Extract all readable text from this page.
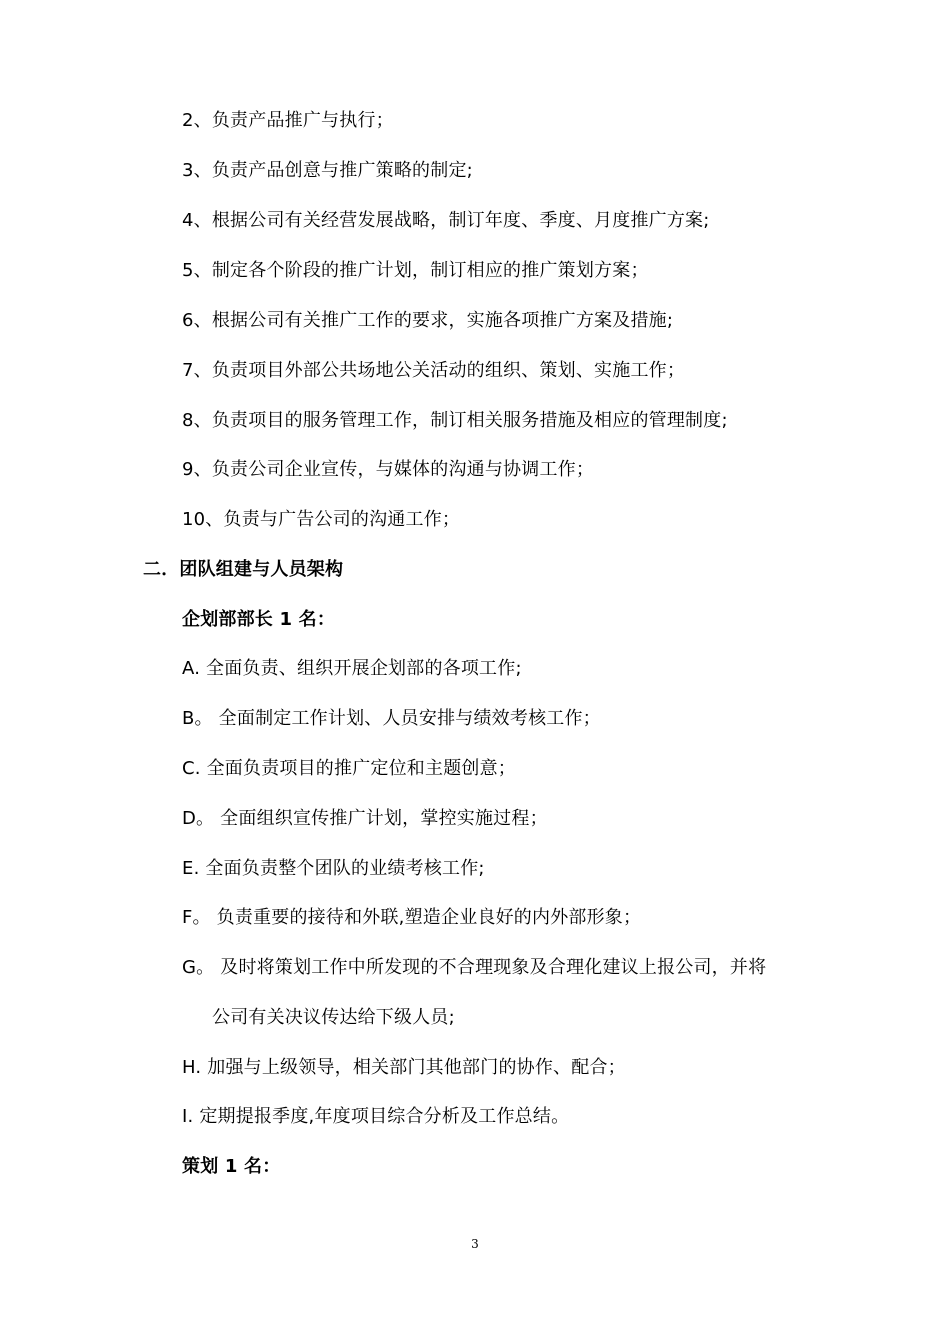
2、负责产品推广与执行；
3、负责产品创意与推广策略的制定;
4、根据公司有关经营发展战略，制订年度、季度、月度推广方案;
5、制定各个阶段的推广计划，制订相应的推广策划方案；
6、根据公司有关推广工作的要求，实施各项推广方案及措施;
7、负责项目外部公共场地公关活动的组织、策划、实施工作；
8、负责项目的服务管理工作，制订相关服务措施及相应的管理制度;
9、负责公司企业宣传，与媒体的沟通与协调工作；
10、负责与广告公司的沟通工作；
二．团队组建与人员架构
企划部部长 1 名：
A. 全面负责、组织开展企划部的各项工作;
B。 全面制定工作计划、人员安排与绩效考核工作；
C. 全面负责项目的推广定位和主题创意；
D。 全面组织宣传推广计划，掌控实施过程；
E. 全面负责整个团队的业绩考核工作;
F。 负责重要的接待和外联,塑造企业良好的内外部形象；
G。 及时将策划工作中所发现的不合理现象及合理化建议上报公司，并将
公司有关决议传达给下级人员;
H. 加强与上级领导，相关部门其他部门的协作、配合；
I. 定期提报季度,年度项目综合分析及工作总结。
策划 1 名：
3
